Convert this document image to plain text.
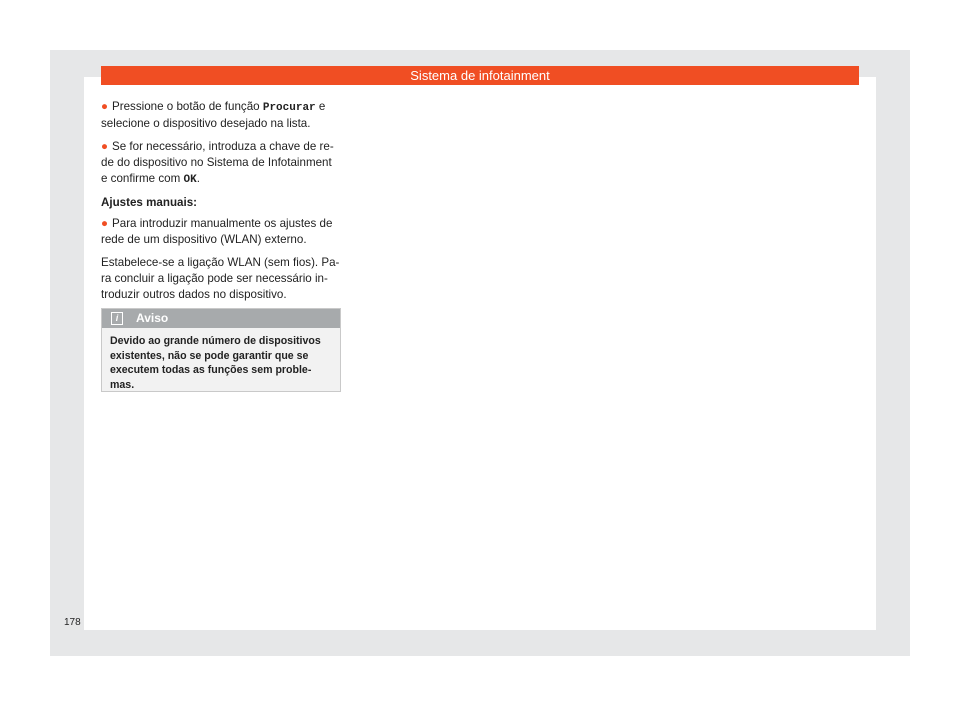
Sistema de infotainment

● Pressione o botão de função Procurar e selecione o dispositivo desejado na lista.

● Se for necessário, introduza a chave de re-de do dispositivo no Sistema de Infotainment e confirme com OK.

Ajustes manuais:

● Para introduzir manualmente os ajustes de rede de um dispositivo (WLAN) externo.

Estabelece-se a ligação WLAN (sem fios). Pa-ra concluir a ligação pode ser necessário in-troduzir outros dados no dispositivo.

i	Aviso
Devido ao grande número de dispositivos existentes, não se pode garantir que se executem todas as funções sem proble-mas.
178
